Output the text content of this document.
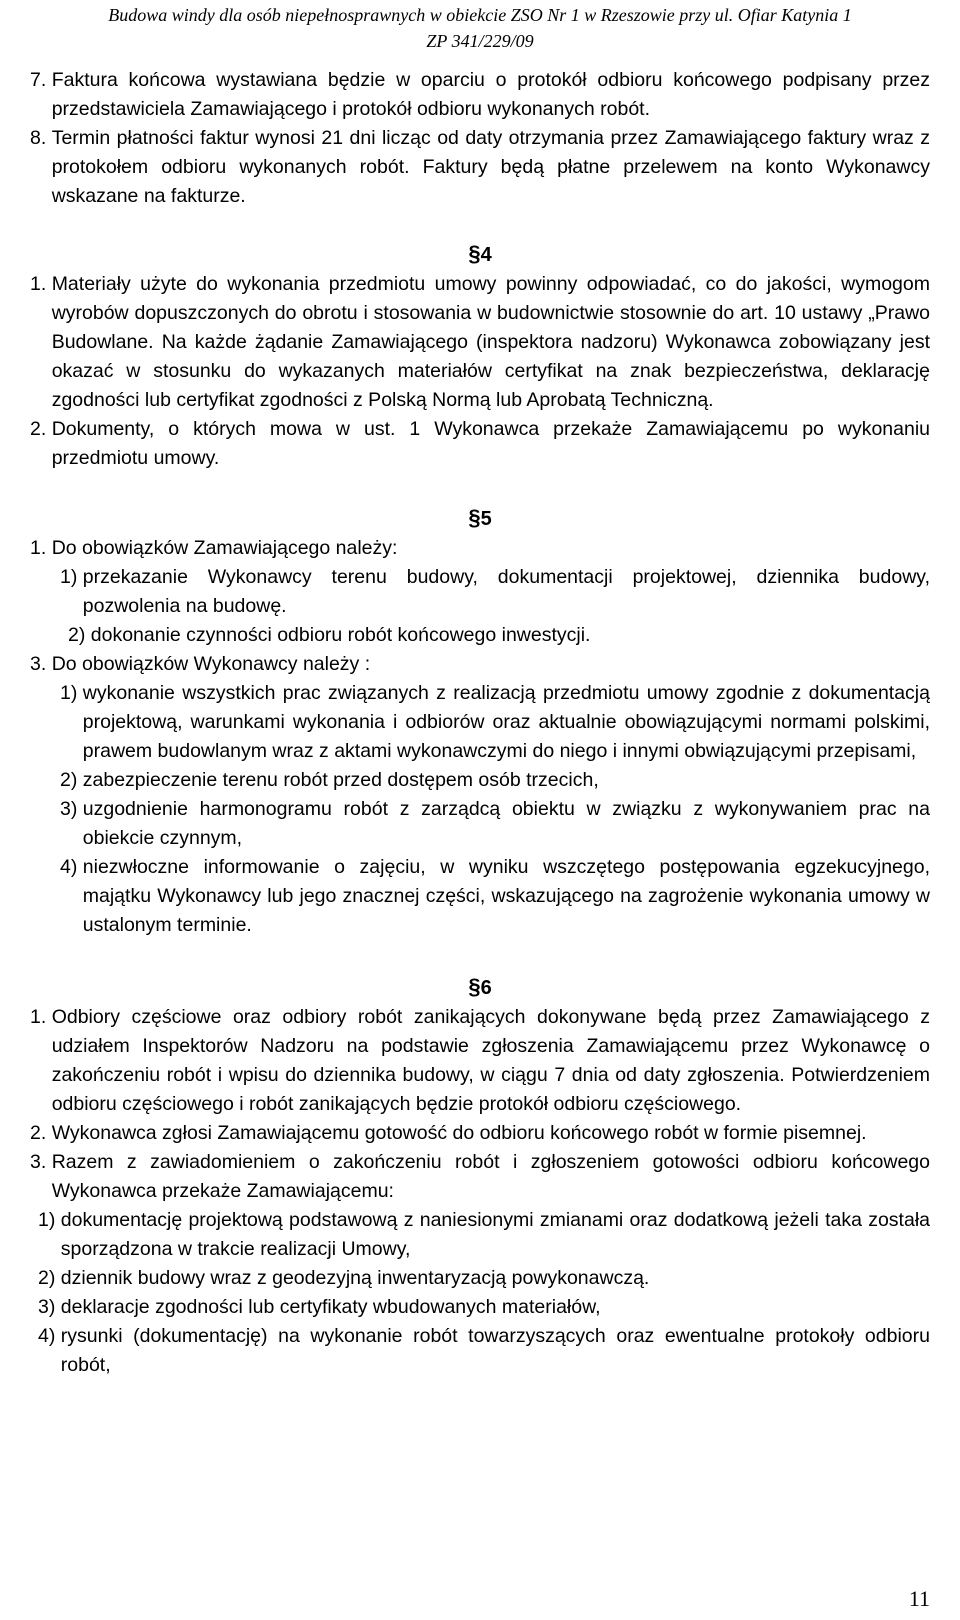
Budowa windy dla osób niepełnosprawnych w obiekcie ZSO Nr 1 w Rzeszowie przy ul. Ofiar Katynia 1
ZP 341/229/09
7. Faktura końcowa wystawiana będzie w oparciu o protokół odbioru końcowego podpisany przez przedstawiciela Zamawiającego i protokół odbioru wykonanych robót.
8. Termin płatności faktur wynosi 21 dni licząc od daty otrzymania przez Zamawiającego faktury wraz z protokołem odbioru wykonanych robót. Faktury będą płatne przelewem na konto Wykonawcy wskazane na fakturze.

§4

1. Materiały użyte do wykonania przedmiotu umowy powinny odpowiadać, co do jakości, wymogom wyrobów dopuszczonych do obrotu i stosowania w budownictwie stosownie do art. 10 ustawy „Prawo Budowlane. Na każde żądanie Zamawiającego (inspektora nadzoru) Wykonawca zobowiązany jest okazać w stosunku do wykazanych materiałów certyfikat na znak bezpieczeństwa, deklarację zgodności lub certyfikat zgodności z Polską Normą lub Aprobatą Techniczną.
2. Dokumenty, o których mowa w ust. 1 Wykonawca przekaże Zamawiającemu po wykonaniu przedmiotu umowy.

§5

1. Do obowiązków Zamawiającego należy:
1) przekazanie Wykonawcy terenu budowy, dokumentacji projektowej, dziennika budowy, pozwolenia na budowę.
2) dokonanie czynności odbioru robót końcowego inwestycji.
3. Do obowiązków Wykonawcy należy :
1) wykonanie wszystkich prac związanych z realizacją przedmiotu umowy zgodnie z dokumentacją projektową, warunkami wykonania i odbiorów oraz aktualnie obowiązującymi normami polskimi, prawem budowlanym wraz z aktami wykonawczymi do niego i innymi obwiązującymi przepisami,
2) zabezpieczenie terenu robót przed dostępem osób trzecich,
3) uzgodnienie harmonogramu robót z zarządcą obiektu w związku z wykonywaniem prac na obiekcie czynnym,
4) niezwłoczne informowanie o zajęciu, w wyniku wszczętego postępowania egzekucyjnego, majątku Wykonawcy lub jego znacznej części, wskazującego na zagrożenie wykonania umowy w ustalonym terminie.

§6

1. Odbiory częściowe oraz odbiory robót zanikających dokonywane będą przez Zamawiającego z udziałem Inspektorów Nadzoru na podstawie zgłoszenia Zamawiającemu przez Wykonawcę o zakończeniu robót i wpisu do dziennika budowy, w ciągu 7 dnia od daty zgłoszenia. Potwierdzeniem odbioru częściowego i robót zanikających będzie protokół odbioru częściowego.
2. Wykonawca zgłosi Zamawiającemu gotowość do odbioru końcowego robót w formie pisemnej.
3. Razem z zawiadomieniem o zakończeniu robót i zgłoszeniem gotowości odbioru końcowego Wykonawca przekaże Zamawiającemu:
1) dokumentację projektową podstawową z naniesionymi zmianami oraz dodatkową jeżeli taka została sporządzona w trakcie realizacji Umowy,
2) dziennik budowy wraz z geodezyjną inwentaryzacją powykonawczą.
3) deklaracje zgodności lub certyfikaty wbudowanych materiałów,
4) rysunki (dokumentację) na wykonanie robót towarzyszących oraz ewentualne protokoły odbioru robót,
11
